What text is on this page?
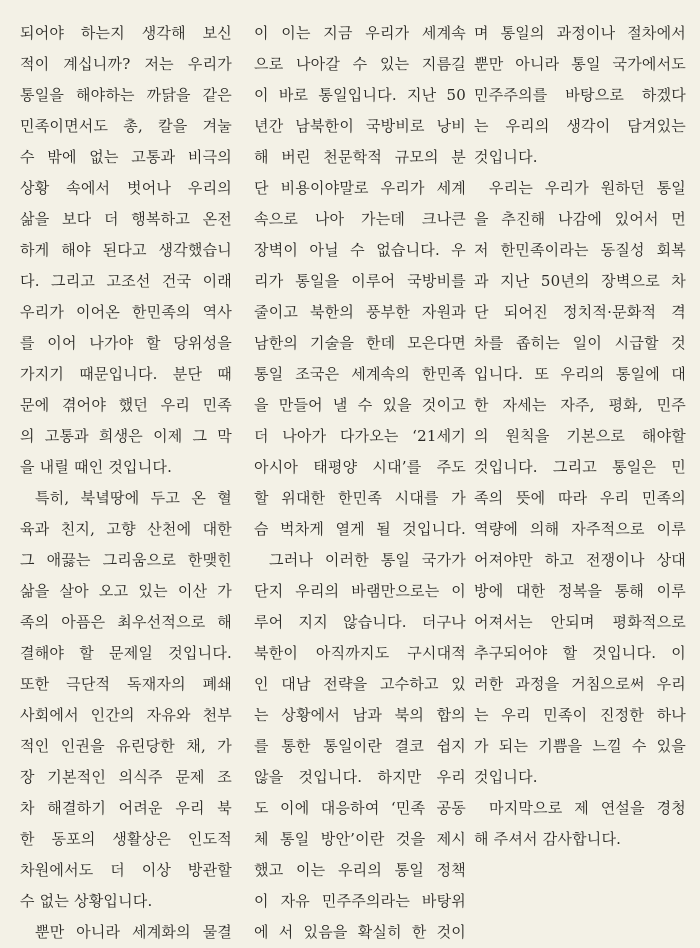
되어야 하는지 생각해 보신
적이 계십니까? 저는 우리가
통일을 해야하는 까닭을 같은
민족이면서도 총, 칼을 겨눌
수 밖에 없는 고통과 비극의
상황 속에서 벗어나 우리의
삶을 보다 더 행복하고 온전
하게 해야 된다고 생각했습니
다. 그리고 고조선 건국 이래
우리가 이어온 한민족의 역사
를 이어 나가야 할 당위성을
가지기 때문입니다. 분단 때
문에 겪어야 했던 우리 민족
의 고통과 희생은 이제 그 막
을 내릴 때인 것입니다.
특히, 북녘땅에 두고 온 혈
육과 친지, 고향 산천에 대한
그 애끓는 그리움으로 한맺힌
삶을 살아 오고 있는 이산 가
족의 아픔은 최우선적으로 해
결해야 할 문제일 것입니다.
또한 극단적 독재자의 폐쇄
사회에서 인간의 자유와 천부
적인 인권을 유린당한 채, 가
장 기본적인 의식주 문제 조
차 해결하기 어려운 우리 북
한 동포의 생활상은 인도적
차원에서도 더 이상 방관할
수 없는 상황입니다.
뿐만 아니라 세계화의 물결
이 이는 지금 우리가 세계속
으로 나아갈 수 있는 지름길
이 바로 통일입니다. 지난 50
년간 남북한이 국방비로 낭비
해 버린 천문학적 규모의 분
단 비용이야말로 우리가 세계
속으로 나아 가는데 크나큰
장벽이 아닐 수 없습니다. 우
리가 통일을 이루어 국방비를
줄이고 북한의 풍부한 자원과
남한의 기술을 한데 모은다면
통일 조국은 세계속의 한민족
을 만들어 낼 수 있을 것이고
더 나아가 다가오는 ‘21세기
아시아 태평양 시대’를 주도
할 위대한 한민족 시대를 가
슴 벅차게 열게 될 것입니다.
그러나 이러한 통일 국가가
단지 우리의 바램만으로는 이
루어 지지 않습니다. 더구나
북한이 아직까지도 구시대적
인 대남 전략을 고수하고 있
는 상황에서 남과 북의 합의
를 통한 통일이란 결코 쉽지
않을 것입니다. 하지만 우리
도 이에 대응하여 ‘민족 공동
체 통일 방안’이란 것을 제시
했고 이는 우리의 통일 정책
이 자유 민주주의라는 바탕위
에 서 있음을 확실히 한 것이
며 통일의 과정이나 절차에서
뿐만 아니라 통일 국가에서도
민주주의를 바탕으로 하겠다
는 우리의 생각이 담겨있는
것입니다.
우리는 우리가 원하던 통일
을 추진해 나감에 있어서 먼
저 한민족이라는 동질성 회복
과 지난 50년의 장벽으로 차
단 되어진 정치적·문화적 격
차를 좁히는 일이 시급할 것
입니다. 또 우리의 통일에 대
한 자세는 자주, 평화, 민주
의 원칙을 기본으로 해야할
것입니다. 그리고 통일은 민
족의 뜻에 따라 우리 민족의
역량에 의해 자주적으로 이루
어져야만 하고 전쟁이나 상대
방에 대한 정복을 통해 이루
어져서는 안되며 평화적으로
추구되어야 할 것입니다. 이
러한 과정을 거침으로써 우리
는 우리 민족이 진정한 하나
가 되는 기쁨을 느낄 수 있을
것입니다.
마지막으로 제 연설을 경청
해 주셔서 감사합니다.
